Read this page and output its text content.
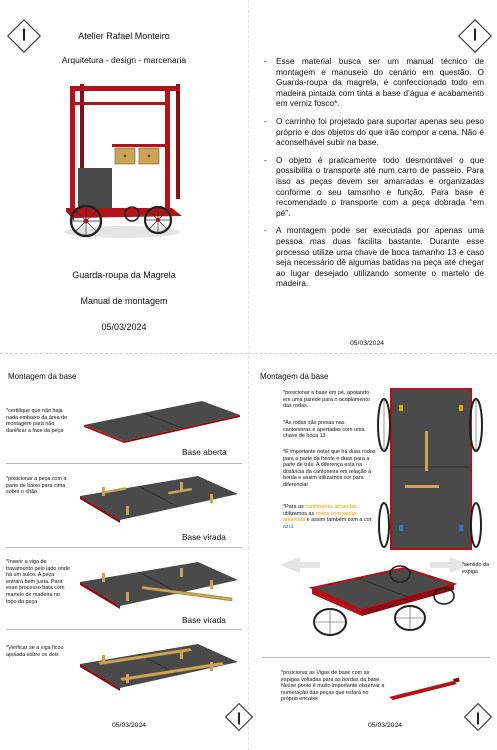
Atelier Rafael Monteiro
Arquitetura - design - marcenaria
Guarda-roupa da Magrela
Manual de montagem
05/03/2024
- Esse material busca ser um manual técnico de montagem e manuseio do cenário em questão. O Guarda-roupa da magrela, é confeccionado todo em madeira pintada com tinta a base d’água e acabamento em verniz fosco*.
- O carrinho foi projetado para suportar apenas seu peso próprio e dos objetos do que irão compor a cena. Não é aconselhável subir na base.
- O objeto é praticamente todo desmontável o que possibilita o transporte até num carro de passeio. Para isso as peças devem ser amarradas e organizadas conforme o seu tamanho e função. Para base é recomendado o transporte com a peça dobrada “em pé”.
- A montagem pode ser executada por apenas uma pessoa mas duas facilita bastante. Durante esse processo utilize uma chave de boca tamanho 13 e caso seja necessário dê algumas batidas na peça até chegar ao lugar desejado utilizando somente o martelo de madeira.
05/03/2024
Montagem da base
*certifique que não haja nada embaixo da área de montagem para não danificar a face da peça
Base aberta
*posicionar a peça com a parte de baixo para cima sobre o chão
Base virada
*Inserir a viga de travamento pelo lado onde há um sulco. A peça entrará bem justa. Para esse processo bata com martelo de madeira no topo da peça
Base virada
*Verificar se a viga ficou apoiada sobre os dois
05/03/2024
Montagem da base
*posicionar a base em pé, apoiando em uma parede para o acoplamento das rodas.
*As rodas são presas nas cantoneiras e apertadas com uma chave de boca 13
*É importante notar que há duas rodas para a parte da frente e duas para a parte de trás. A diferença está na distância da cantoneira em relação à borda e assim utilizamos cor para diferenciar
*Para as cantoneiras amarelas utilizamos as rodas com peças amarelas e assim também com a cor azul.
*sentido da espiga
*posicionar as Vigas de base com as espigas voltadas para as bordas da base. Nesse ponto é muito importante observar a numeração das peças que estará no próprio encaixe
05/03/2024
